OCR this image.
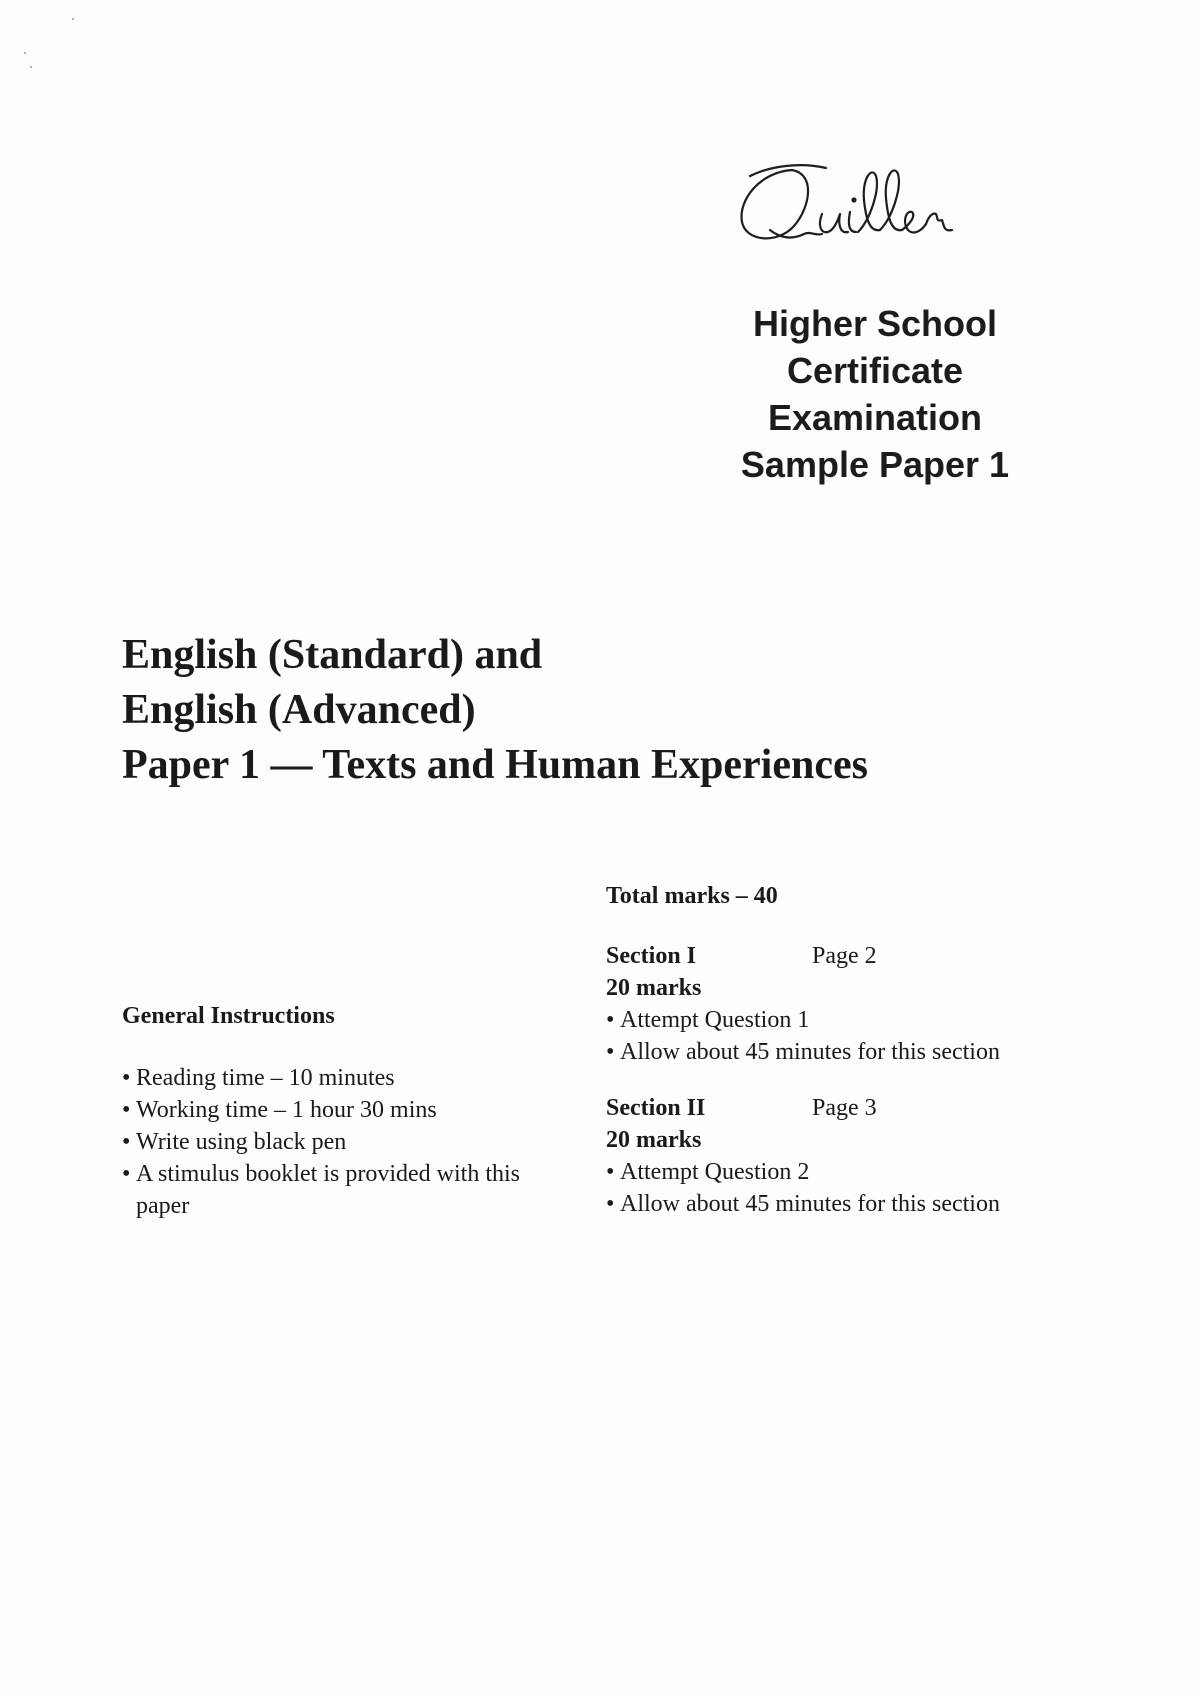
Higher School
Certificate
Examination
Sample Paper 1
English (Standard) and
English (Advanced)
Paper 1 — Texts and Human Experiences
General Instructions
• Reading time – 10 minutes
• Working time – 1 hour 30 mins
• Write using black pen
• A stimulus booklet is provided with this paper
Total marks – 40
Section I	Page 2
20 marks
• Attempt Question 1
• Allow about 45 minutes for this section
Section II	Page 3
20 marks
• Attempt Question 2
• Allow about 45 minutes for this section
